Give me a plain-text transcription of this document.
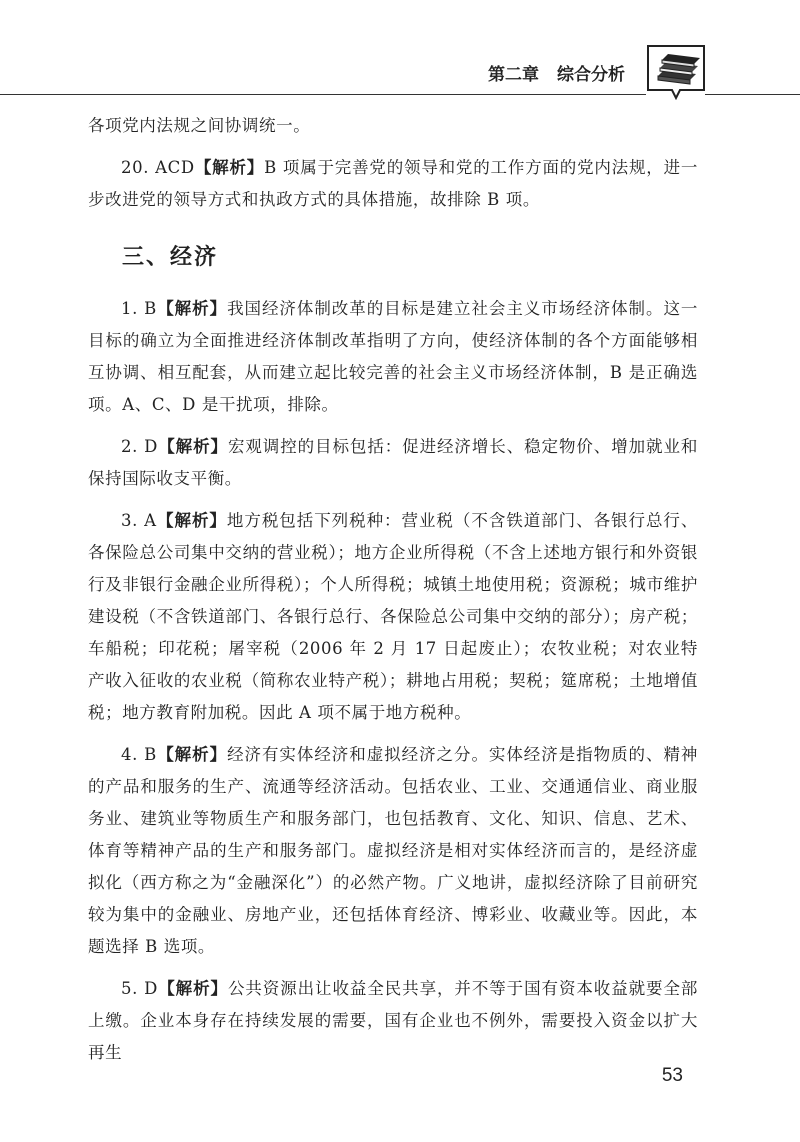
第二章 综合分析

各项党内法规之间协调统一。

20. ACD【解析】B 项属于完善党的领导和党的工作方面的党内法规，进一步改进党的领导方式和执政方式的具体措施，故排除 B 项。

三、经济

1. B【解析】我国经济体制改革的目标是建立社会主义市场经济体制。这一目标的确立为全面推进经济体制改革指明了方向，使经济体制的各个方面能够相互协调、相互配套，从而建立起比较完善的社会主义市场经济体制，B 是正确选项。A、C、D 是干扰项，排除。

2. D【解析】宏观调控的目标包括：促进经济增长、稳定物价、增加就业和保持国际收支平衡。

3. A【解析】地方税包括下列税种：营业税（不含铁道部门、各银行总行、各保险总公司集中交纳的营业税）；地方企业所得税（不含上述地方银行和外资银行及非银行金融企业所得税）；个人所得税；城镇土地使用税；资源税；城市维护建设税（不含铁道部门、各银行总行、各保险总公司集中交纳的部分）；房产税；车船税；印花税；屠宰税（2006 年 2 月 17 日起废止）；农牧业税；对农业特产收入征收的农业税（简称农业特产税）；耕地占用税；契税；筵席税；土地增值税；地方教育附加税。因此 A 项不属于地方税种。

4. B【解析】经济有实体经济和虚拟经济之分。实体经济是指物质的、精神的产品和服务的生产、流通等经济活动。包括农业、工业、交通通信业、商业服务业、建筑业等物质生产和服务部门，也包括教育、文化、知识、信息、艺术、体育等精神产品的生产和服务部门。虚拟经济是相对实体经济而言的，是经济虚拟化（西方称之为“金融深化”）的必然产物。广义地讲，虚拟经济除了目前研究较为集中的金融业、房地产业，还包括体育经济、博彩业、收藏业等。因此，本题选择 B 选项。

5. D【解析】公共资源出让收益全民共享，并不等于国有资本收益就要全部上缴。企业本身存在持续发展的需要，国有企业也不例外，需要投入资金以扩大再生

53
